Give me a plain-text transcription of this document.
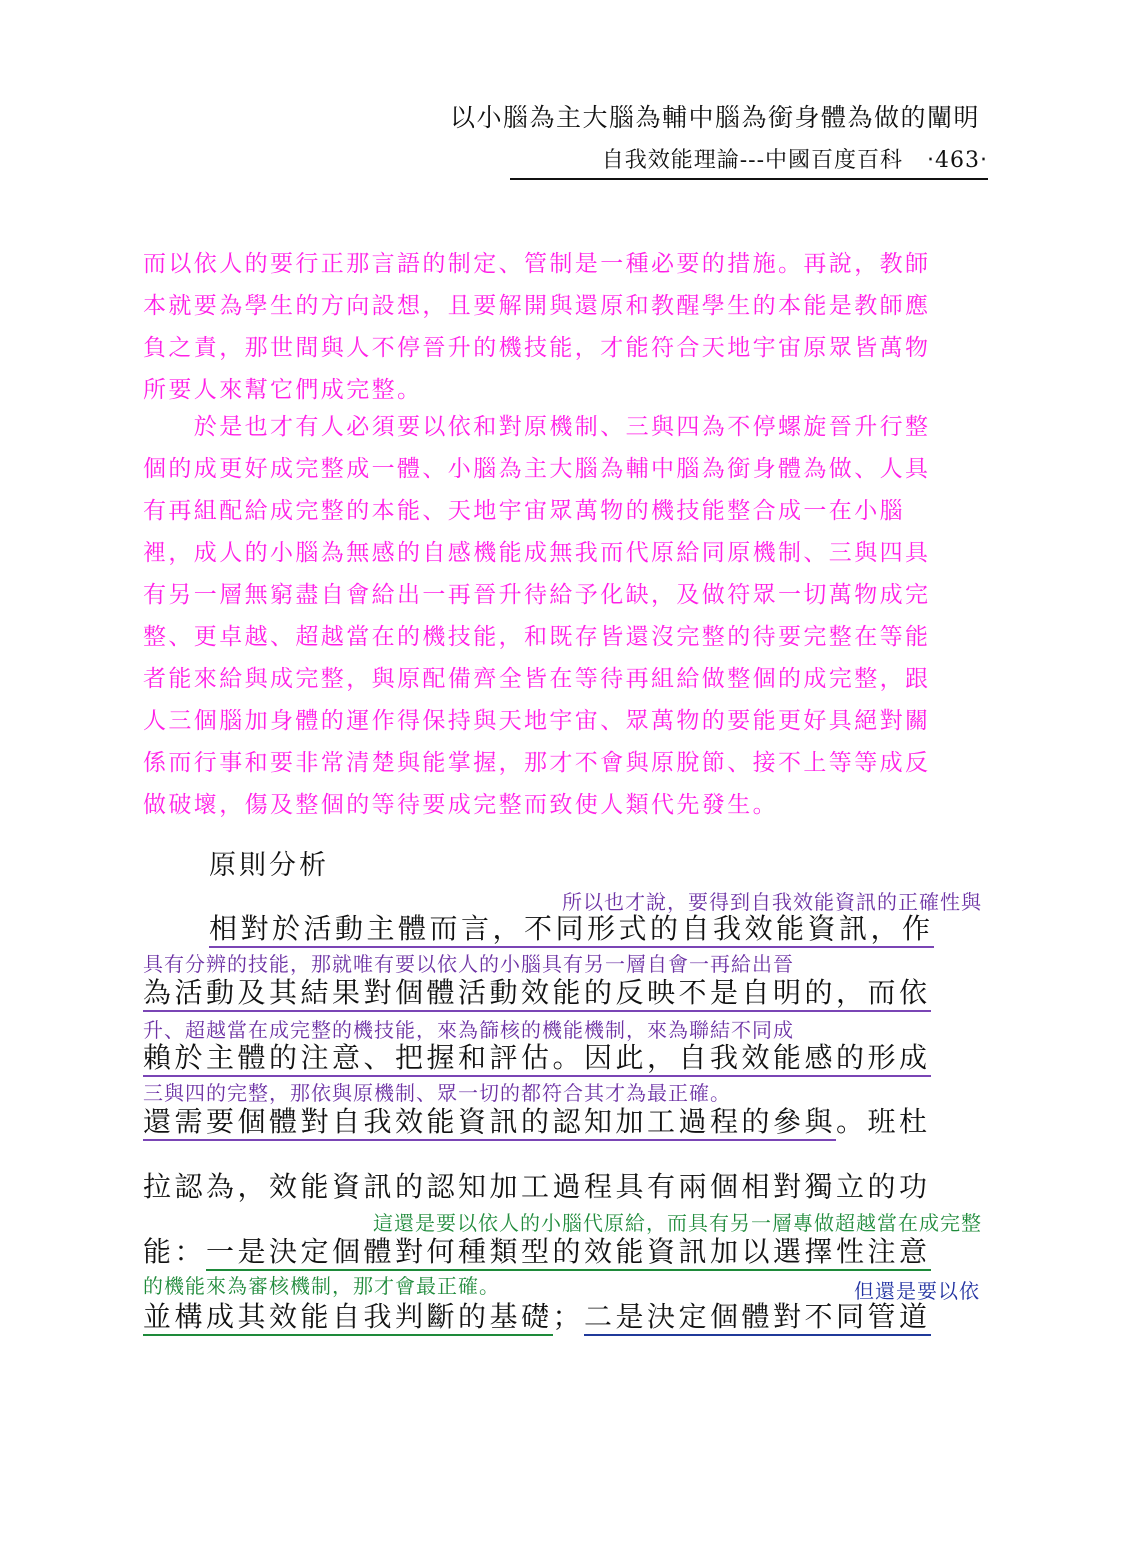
以小腦為主大腦為輔中腦為銜身體為做的闡明
自我效能理論---中國百度百科 ‧463‧
而以依人的要行正那言語的制定、管制是一種必要的措施。再說，教師
本就要為學生的方向設想，且要解開與還原和教醒學生的本能是教師應
負之責，那世間與人不停晉升的機技能，才能符合天地宇宙原眾皆萬物
所要人來幫它們成完整。
　　於是也才有人必須要以依和對原機制、三與四為不停螺旋晉升行整
個的成更好成完整成一體、小腦為主大腦為輔中腦為銜身體為做、人具
有再組配給成完整的本能、天地宇宙眾萬物的機技能整合成一在小腦
裡，成人的小腦為無感的自感機能成無我而代原給同原機制、三與四具
有另一層無窮盡自會給出一再晉升待給予化缺，及做符眾一切萬物成完
整、更卓越、超越當在的機技能，和既存皆還沒完整的待要完整在等能
者能來給與成完整，與原配備齊全皆在等待再組給做整個的成完整，跟
人三個腦加身體的運作得保持與天地宇宙、眾萬物的要能更好具絕對關
係而行事和要非常清楚與能掌握，那才不會與原脫節、接不上等等成反
做破壞，傷及整個的等待要成完整而致使人類代先發生。
原則分析
所以也才說，要得到自我效能資訊的正確性與
相對於活動主體而言，不同形式的自我效能資訊，作
具有分辨的技能，那就唯有要以依人的小腦具有另一層自會一再給出晉
為活動及其結果對個體活動效能的反映不是自明的，而依
升、超越當在成完整的機技能，來為篩核的機能機制，來為聯結不同成
賴於主體的注意、把握和評估。因此，自我效能感的形成
三與四的完整，那依與原機制、眾一切的都符合其才為最正確。
還需要個體對自我效能資訊的認知加工過程的參與。班杜
拉認為，效能資訊的認知加工過程具有兩個相對獨立的功
這還是要以依人的小腦代原給，而具有另一層專做超越當在成完整
能：一是決定個體對何種類型的效能資訊加以選擇性注意
的機能來為審核機制，那才會最正確。	但還是要以依
並構成其效能自我判斷的基礎；二是決定個體對不同管道
